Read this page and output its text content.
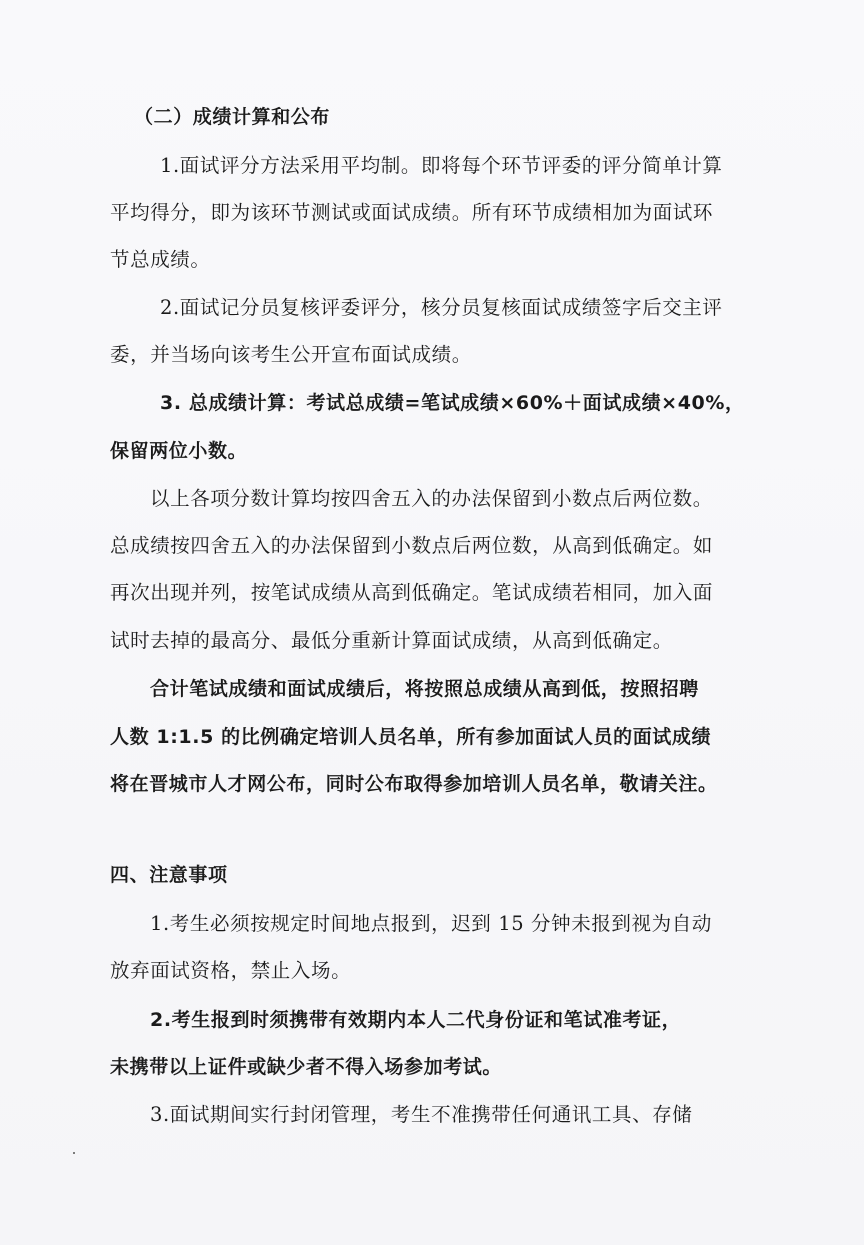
（二）成绩计算和公布
1.面试评分方法采用平均制。即将每个环节评委的评分简单计算
平均得分，即为该环节测试或面试成绩。所有环节成绩相加为面试环
节总成绩。
2.面试记分员复核评委评分，核分员复核面试成绩签字后交主评
委，并当场向该考生公开宣布面试成绩。
3. 总成绩计算：考试总成绩=笔试成绩×60%＋面试成绩×40%，
保留两位小数。
以上各项分数计算均按四舍五入的办法保留到小数点后两位数。
总成绩按四舍五入的办法保留到小数点后两位数，从高到低确定。如
再次出现并列，按笔试成绩从高到低确定。笔试成绩若相同，加入面
试时去掉的最高分、最低分重新计算面试成绩，从高到低确定。
合计笔试成绩和面试成绩后，将按照总成绩从高到低，按照招聘
人数 1:1.5 的比例确定培训人员名单，所有参加面试人员的面试成绩
将在晋城市人才网公布，同时公布取得参加培训人员名单，敬请关注。
四、注意事项
1.考生必须按规定时间地点报到，迟到 15 分钟未报到视为自动
放弃面试资格，禁止入场。
2.考生报到时须携带有效期内本人二代身份证和笔试准考证，
未携带以上证件或缺少者不得入场参加考试。
3.面试期间实行封闭管理，考生不准携带任何通讯工具、存储
